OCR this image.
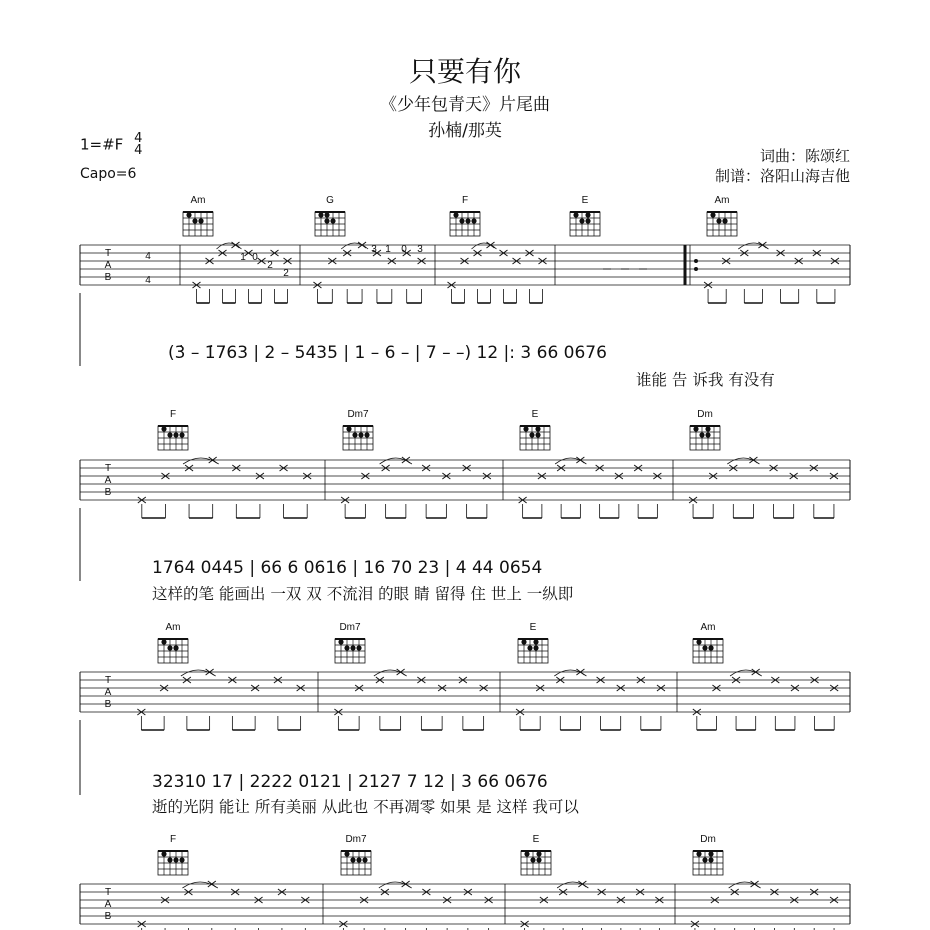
只要有你
《少年包青天》片尾曲
孙楠/那英
1=#F 4
4
Capo=6
词曲：陈颂红
制谱：洛阳山海吉他
Am	G	F	E	Am
T
A
B
4
4
1 0
2
2
3 1 0 3
(3̇ – 1̇763 | 2 – 5435 | 1 – 6 – | 7 – –) 12 |: 3 66 0676
谁能 告 诉我 有没有
F	Dm7	E	Dm
T
A
B
1764 0445 | 66 6 0616 | 16 70 23 | 4 44 0654
这样的笔 能画出 一双 双 不流泪 的眼 睛 留得 住 世上 一纵即
Am	Dm7	E	Am
T
A
B
32310 17 | 2222 0121 | 2127 7 12 | 3 66 0676
逝的光阴 能让 所有美丽 从此也 不再凋零 如果 是 这样 我可以
F	Dm7	E	Dm
T
A
B
